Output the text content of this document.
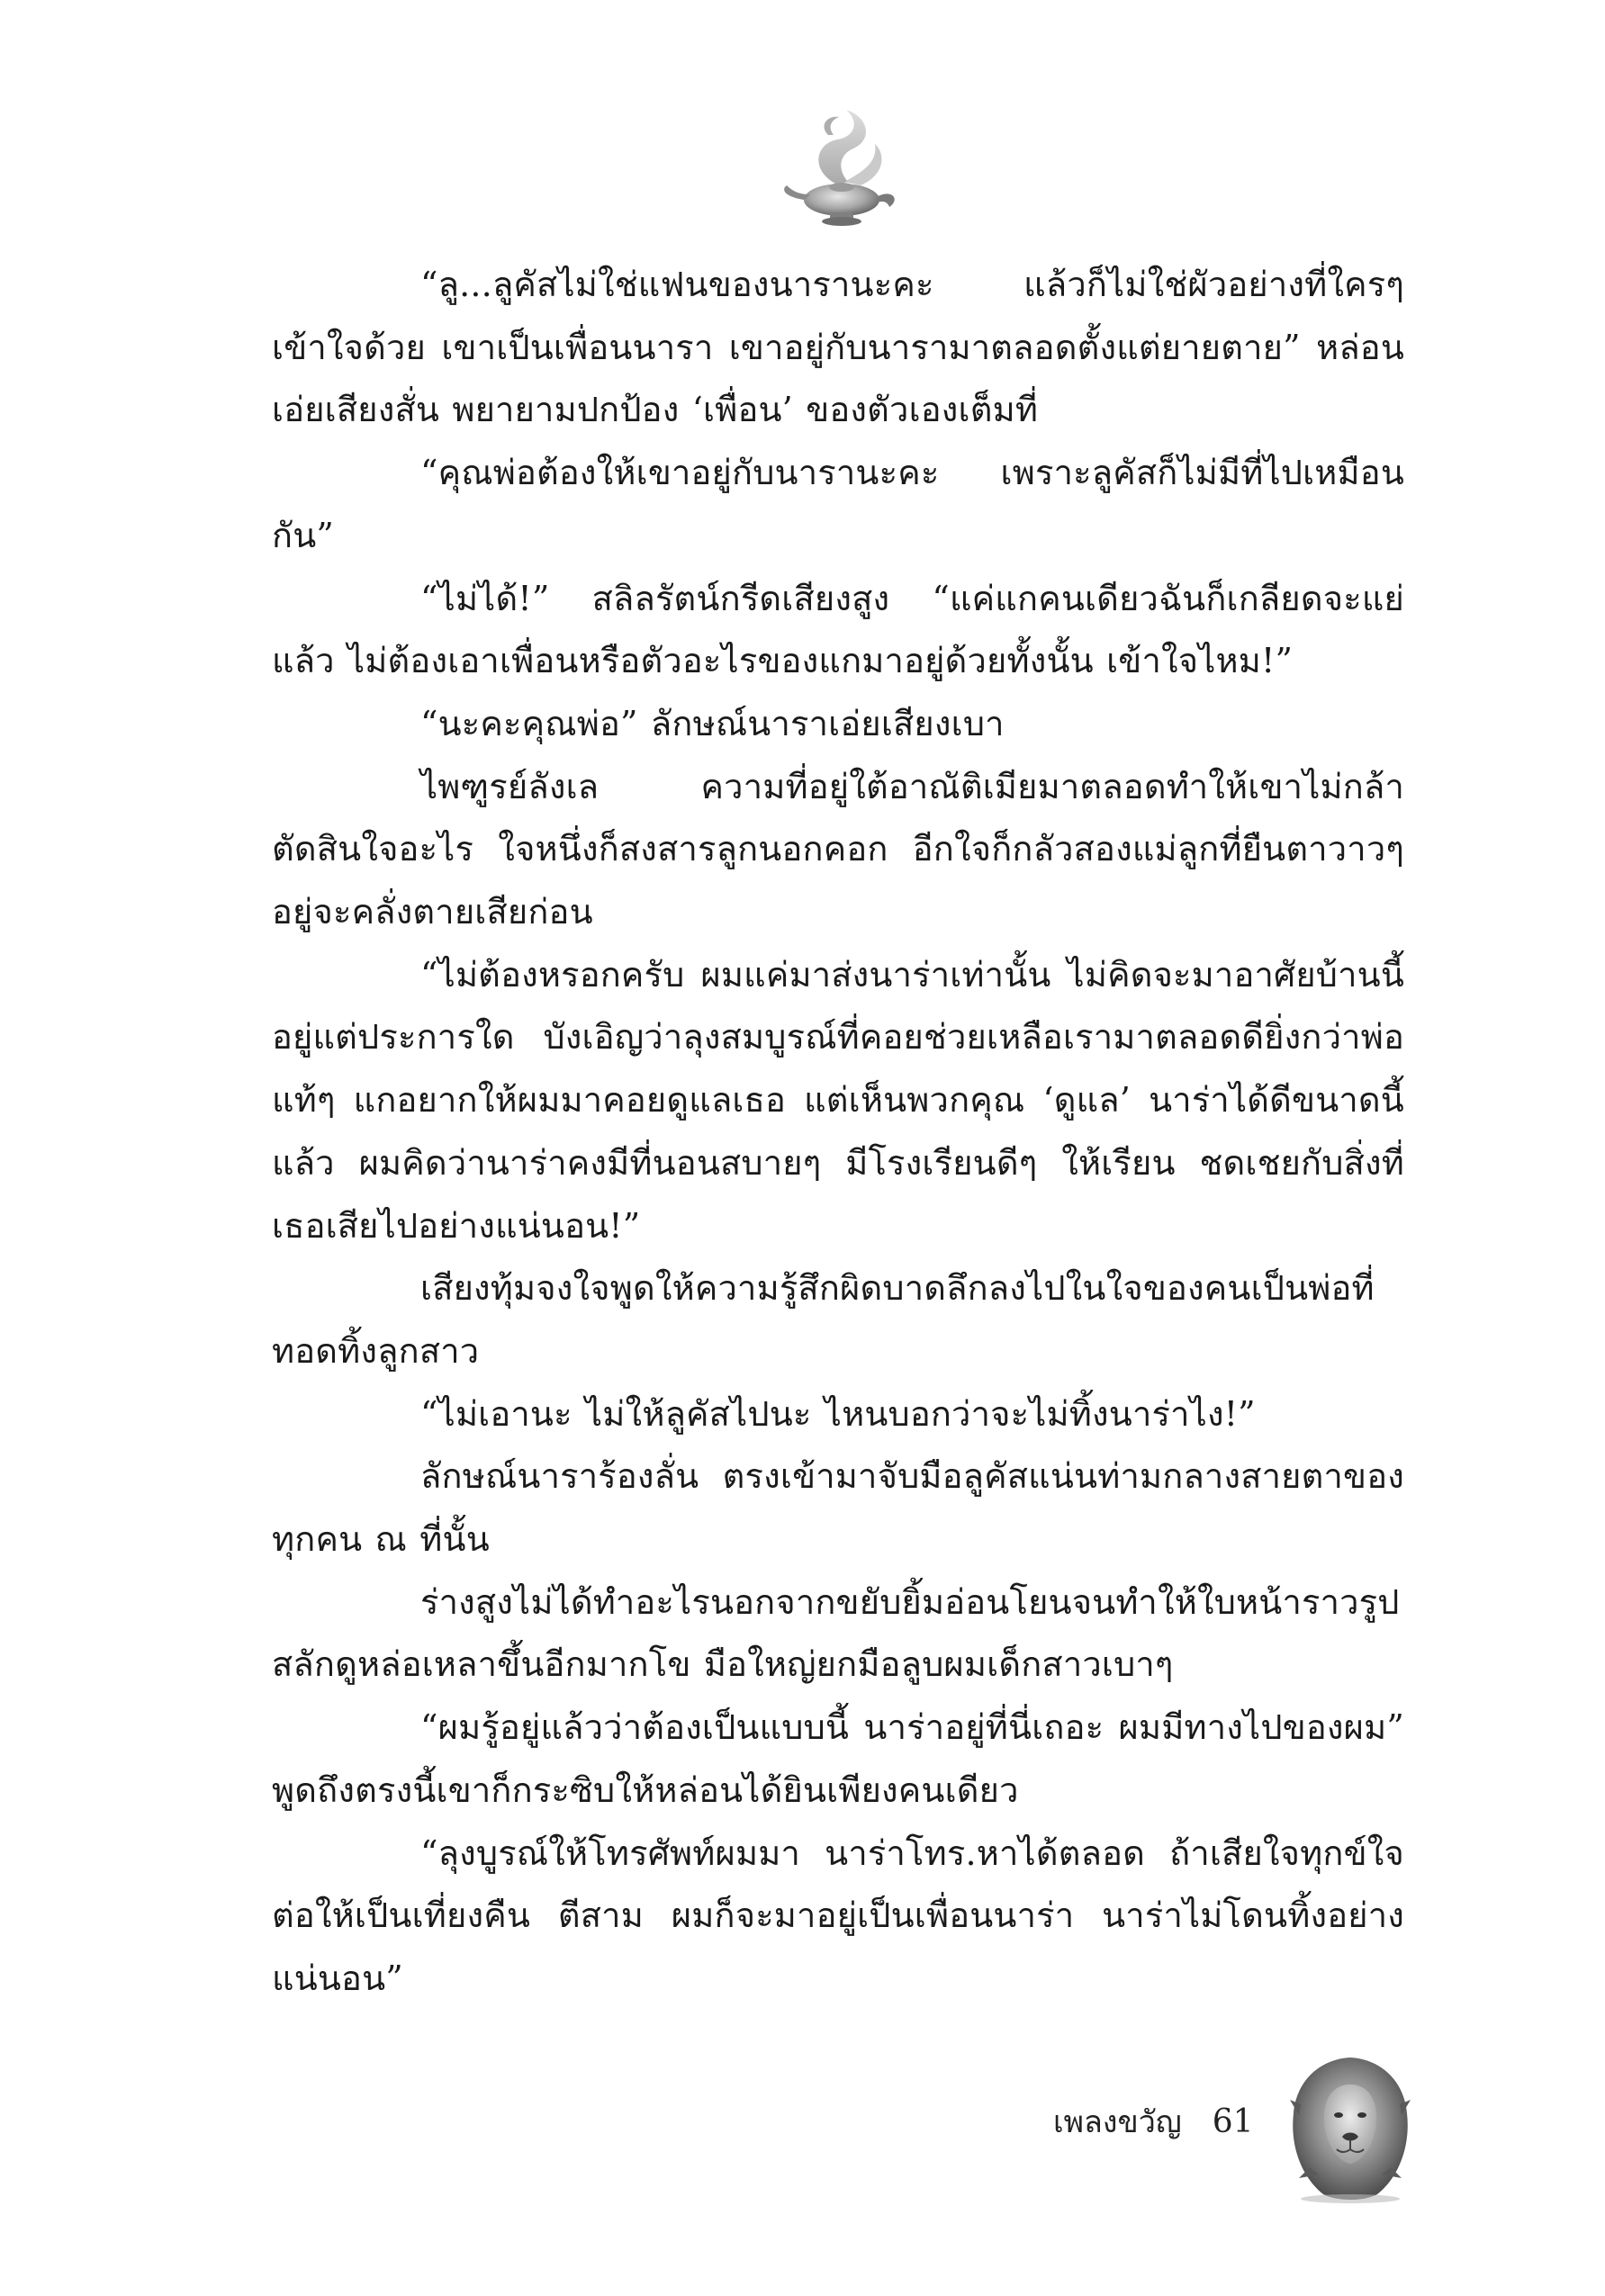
“ลู...ลูคัสไม่ใช่แฟนของนารานะคะ แล้วก็ไม่ใช่ผัวอย่างที่ใครๆ เข้าใจด้วย เขาเป็นเพื่อนนารา เขาอยู่กับนารามาตลอดตั้งแต่ยายตาย” หล่อนเอ่ยเสียงสั่น พยายามปกป้อง ‘เพื่อน’ ของตัวเองเต็มที่

“คุณพ่อต้องให้เขาอยู่กับนารานะคะ เพราะลูคัสก็ไม่มีที่ไปเหมือนกัน”

“ไม่ได้!” สลิลรัตน์กรีดเสียงสูง “แค่แกคนเดียวฉันก็เกลียดจะแย่แล้ว ไม่ต้องเอาเพื่อนหรือตัวอะไรของแกมาอยู่ด้วยทั้งนั้น เข้าใจไหม!”

“นะคะคุณพ่อ” ลักษณ์นาราเอ่ยเสียงเบา

ไพฑูรย์ลังเล ความที่อยู่ใต้อาณัติเมียมาตลอดทำให้เขาไม่กล้าตัดสินใจอะไร ใจหนึ่งก็สงสารลูกนอกคอก อีกใจก็กลัวสองแม่ลูกที่ยืนตาวาวๆ อยู่จะคลั่งตายเสียก่อน

“ไม่ต้องหรอกครับ ผมแค่มาส่งนาร่าเท่านั้น ไม่คิดจะมาอาศัยบ้านนี้อยู่แต่ประการใด บังเอิญว่าลุงสมบูรณ์ที่คอยช่วยเหลือเรามาตลอดดียิ่งกว่าพ่อแท้ๆ แกอยากให้ผมมาคอยดูแลเธอ แต่เห็นพวกคุณ ‘ดูแล’ นาร่าได้ดีขนาดนี้แล้ว ผมคิดว่านาร่าคงมีที่นอนสบายๆ มีโรงเรียนดีๆ ให้เรียน ชดเชยกับสิ่งที่เธอเสียไปอย่างแน่นอน!”

เสียงทุ้มจงใจพูดให้ความรู้สึกผิดบาดลึกลงไปในใจของคนเป็นพ่อที่ทอดทิ้งลูกสาว

“ไม่เอานะ ไม่ให้ลูคัสไปนะ ไหนบอกว่าจะไม่ทิ้งนาร่าไง!”

ลักษณ์นาราร้องลั่น ตรงเข้ามาจับมือลูคัสแน่นท่ามกลางสายตาของทุกคน ณ ที่นั้น

ร่างสูงไม่ได้ทำอะไรนอกจากขยับยิ้มอ่อนโยนจนทำให้ใบหน้าราวรูปสลักดูหล่อเหลาขึ้นอีกมากโข มือใหญ่ยกมือลูบผมเด็กสาวเบาๆ

“ผมรู้อยู่แล้วว่าต้องเป็นแบบนี้ นาร่าอยู่ที่นี่เถอะ ผมมีทางไปของผม” พูดถึงตรงนี้เขาก็กระซิบให้หล่อนได้ยินเพียงคนเดียว

“ลุงบูรณ์ให้โทรศัพท์ผมมา นาร่าโทร.หาได้ตลอด ถ้าเสียใจทุกข์ใจ ต่อให้เป็นเที่ยงคืน ตีสาม ผมก็จะมาอยู่เป็นเพื่อนนาร่า นาร่าไม่โดนทิ้งอย่างแน่นอน”

เพลงขวัญ 61
